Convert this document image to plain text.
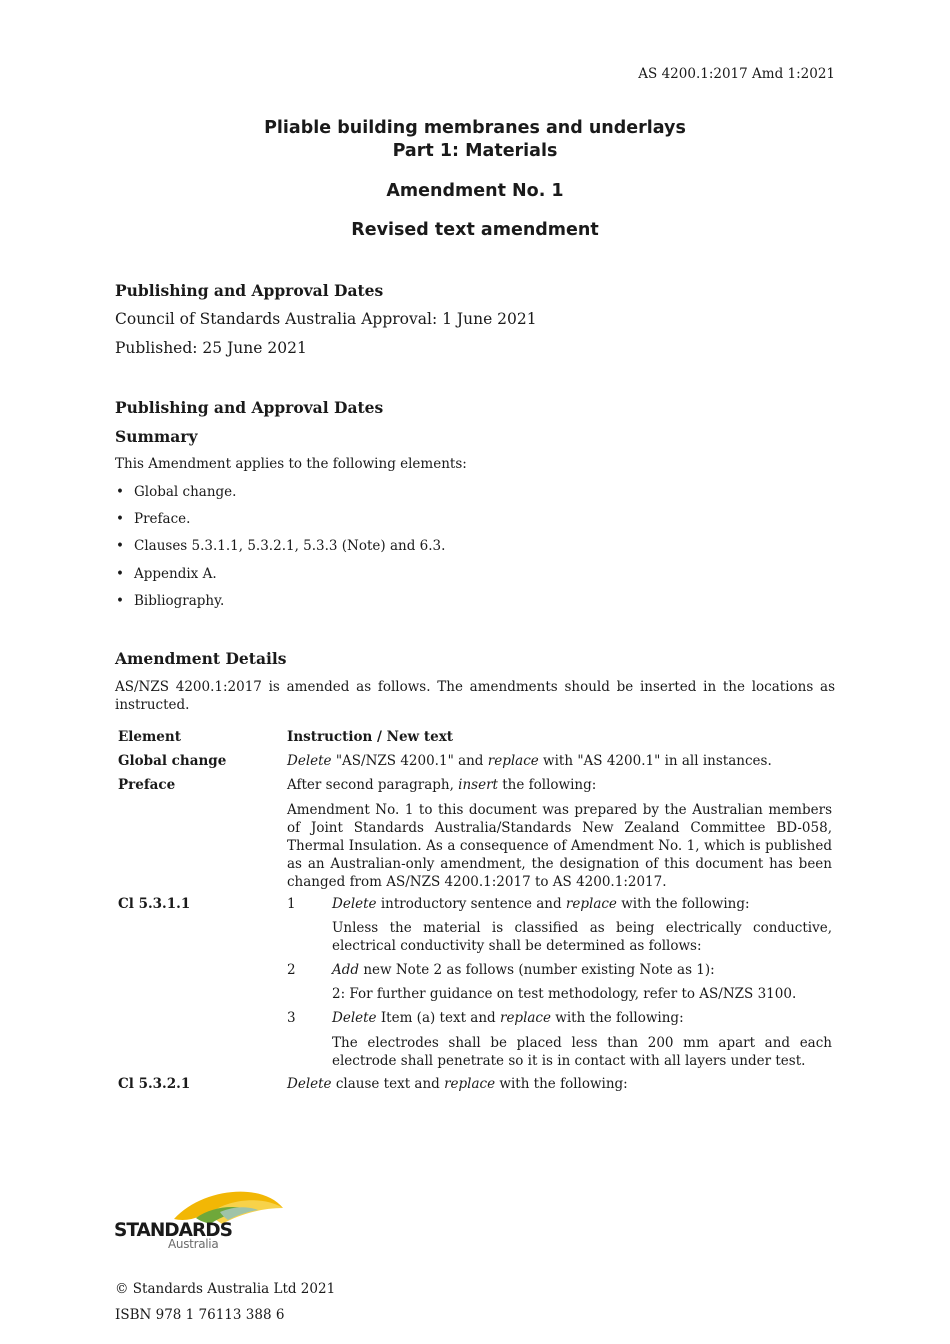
AS 4200.1:2017 Amd 1:2021
Pliable building membranes and underlays
Part 1: Materials
Amendment No. 1
Revised text amendment
Publishing and Approval Dates
Council of Standards Australia Approval: 1 June 2021
Published: 25 June 2021
Publishing and Approval Dates
Summary
This Amendment applies to the following elements:
• Global change.
• Preface.
• Clauses 5.3.1.1, 5.3.2.1, 5.3.3 (Note) and 6.3.
• Appendix A.
• Bibliography.
Amendment Details
AS/NZS 4200.1:2017 is amended as follows. The amendments should be inserted in the locations as instructed.
Element	Instruction / New text
Global change	Delete "AS/NZS 4200.1" and replace with "AS 4200.1" in all instances.
Preface	After second paragraph, insert the following:
Amendment No. 1 to this document was prepared by the Australian members of Joint Standards Australia/Standards New Zealand Committee BD-058, Thermal Insulation. As a consequence of Amendment No. 1, which is published as an Australian-only amendment, the designation of this document has been changed from AS/NZS 4200.1:2017 to AS 4200.1:2017.
Cl 5.3.1.1	1	Delete introductory sentence and replace with the following:
Unless the material is classified as being electrically conductive, electrical conductivity shall be determined as follows:
2	Add new Note 2 as follows (number existing Note as 1):
2: For further guidance on test methodology, refer to AS/NZS 3100.
3	Delete Item (a) text and replace with the following:
The electrodes shall be placed less than 200 mm apart and each electrode shall penetrate so it is in contact with all layers under test.
Cl 5.3.2.1	Delete clause text and replace with the following:
STANDARDS
Australia
© Standards Australia Ltd 2021
ISBN 978 1 76113 388 6
